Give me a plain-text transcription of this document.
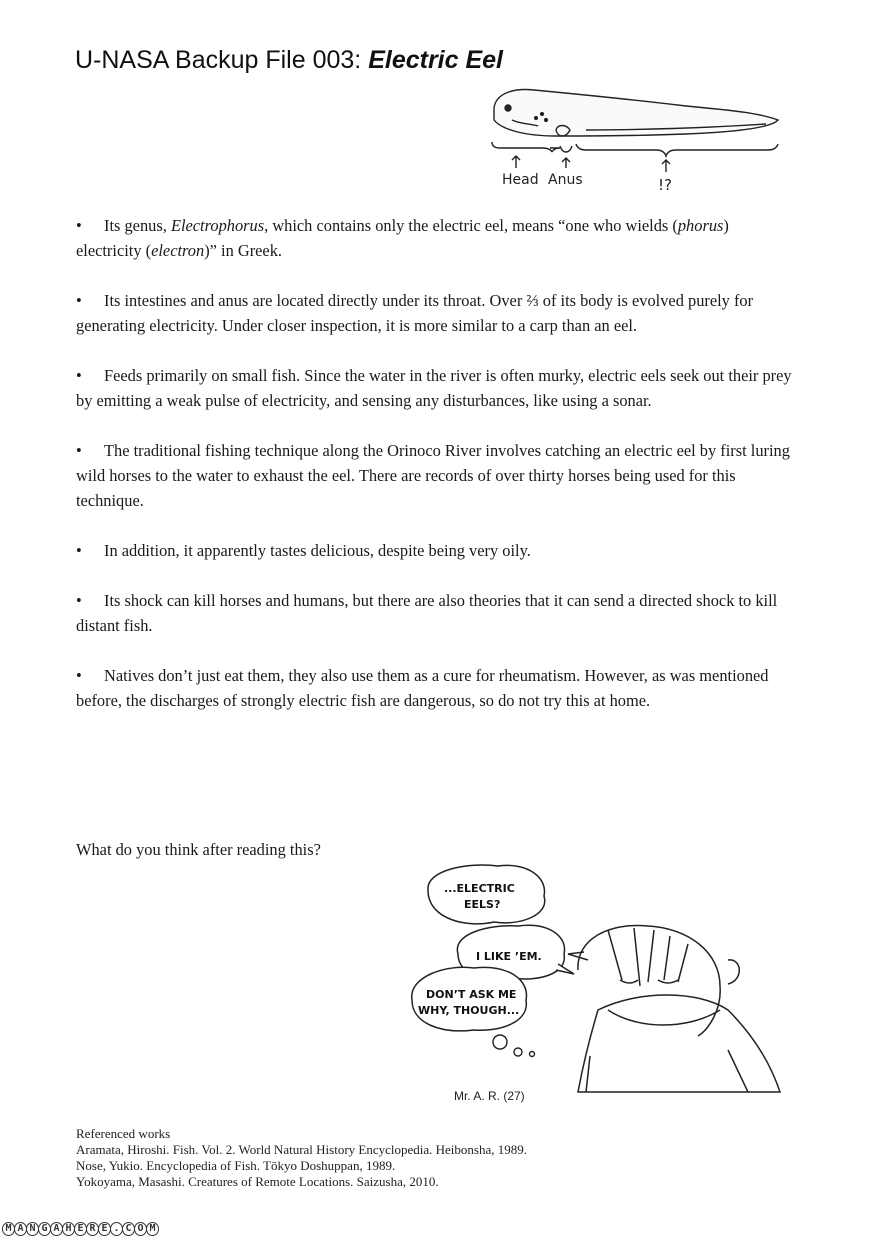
U-NASA Backup File 003: Electric Eel
Head Anus	!?

• Its genus, Electrophorus, which contains only the electric eel, means “one who wields (phorus) electricity (electron)” in Greek.

• Its intestines and anus are located directly under its throat. Over ⅔ of its body is evolved purely for generating electricity. Under closer inspection, it is more similar to a carp than an eel.

• Feeds primarily on small fish. Since the water in the river is often murky, electric eels seek out their prey by emitting a weak pulse of electricity, and sensing any disturbances, like using a sonar.

• The traditional fishing technique along the Orinoco River involves catching an electric eel by first luring wild horses to the water to exhaust the eel. There are records of over thirty horses being used for this technique.

• In addition, it apparently tastes delicious, despite being very oily.

• Its shock can kill horses and humans, but there are also theories that it can send a directed shock to kill distant fish.

• Natives don’t just eat them, they also use them as a cure for rheumatism. However, as was mentioned before, the discharges of strongly electric fish are dangerous, so do not try this at home.

What do you think after reading this?
...ELECTRIC
EELS?
I LIKE ’EM.
DON’T ASK ME
WHY, THOUGH...
Mr. A. R. (27)
Referenced works
Aramata, Hiroshi. Fish. Vol. 2. World Natural History Encyclopedia. Heibonsha, 1989.
Nose, Yukio. Encyclopedia of Fish. Tōkyo Doshuppan, 1989.
Yokoyama, Masashi. Creatures of Remote Locations. Saizusha, 2010.
M A N G A H E R E . C O M
